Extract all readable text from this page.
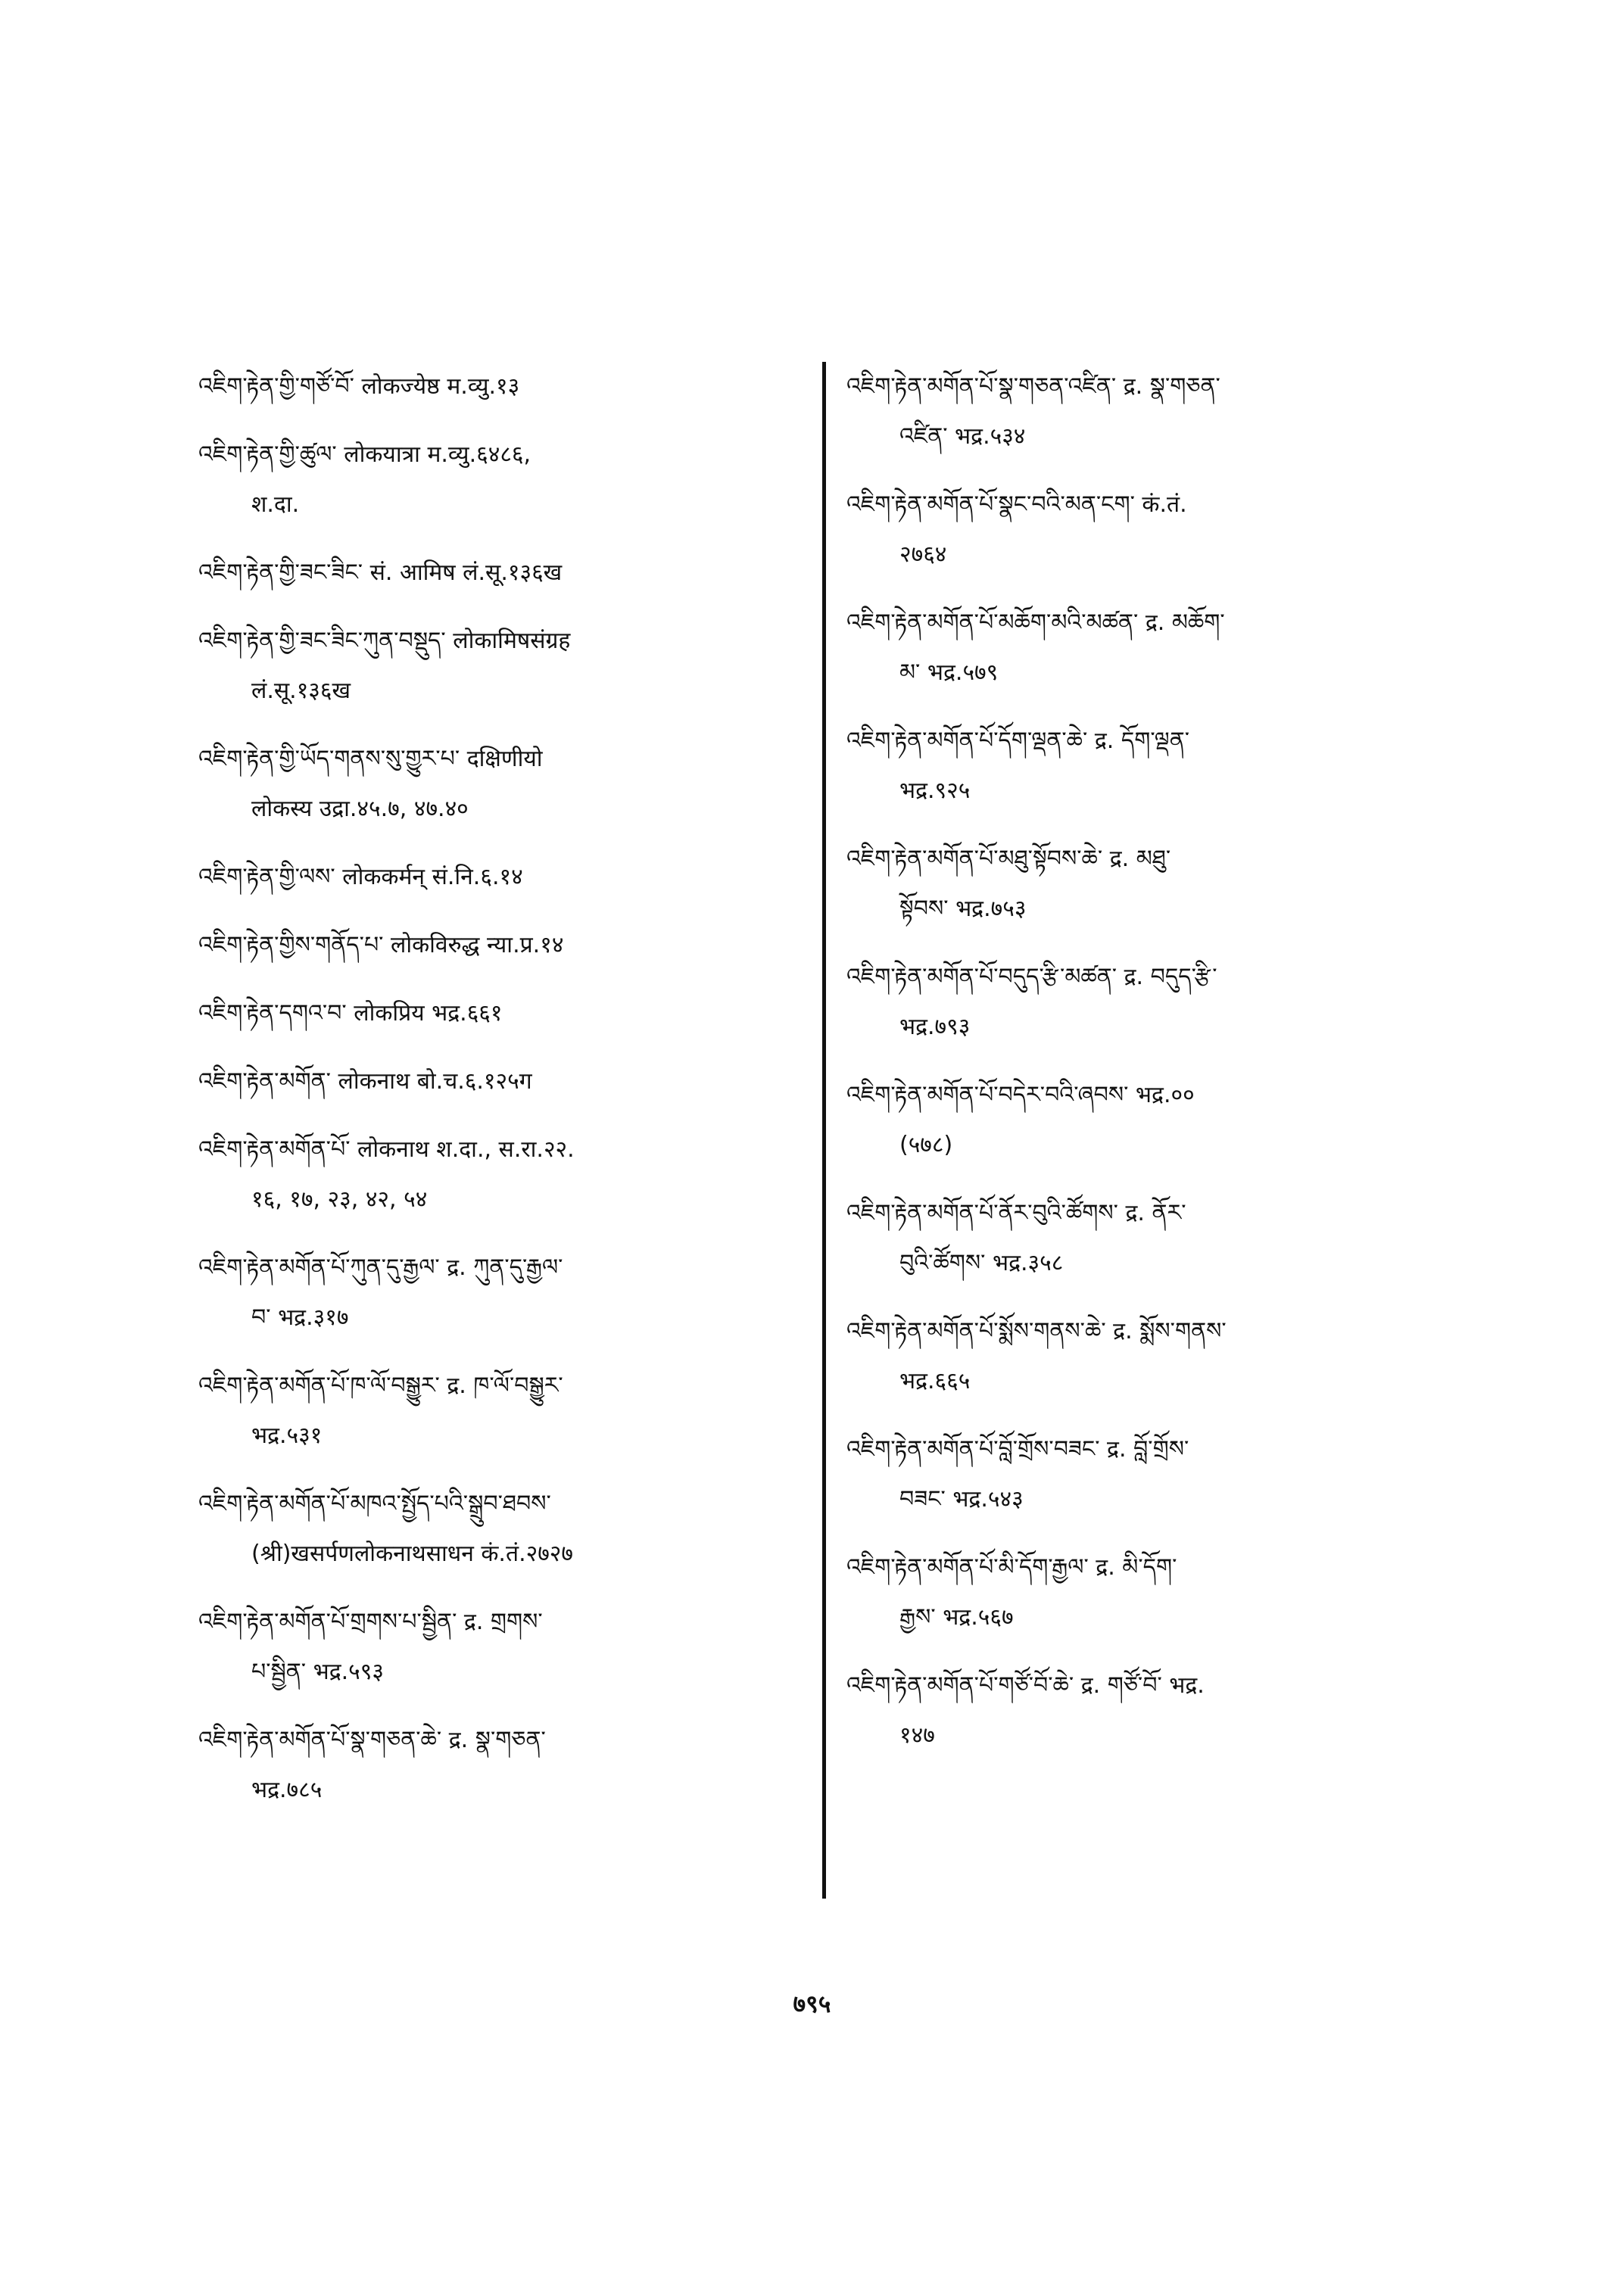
འཇིག་རྟེན་གྱི་གཙོ་བོ་ लोकज्येष्ठ म.व्यु.१३
འཇིག་རྟེན་གྱི་ཚུལ་ लोकयात्रा म.व्यु.६४८६,
श.दा.
འཇིག་རྟེན་གྱི་ཟང་ཟིང་ सं. आमिष लं.सू.१३६ख
འཇིག་རྟེན་གྱི་ཟང་ཟིང་ཀུན་བསྡུད་ लोकामिषसंग्रह
लं.सू.१३६ख
འཇིག་རྟེན་གྱི་ཡོད་གནས་སུ་གྱུར་པ་ दक्षिणीयो
लोकस्य उद्रा.४५.७, ४७.४०
འཇིག་རྟེན་གྱི་ལས་ लोककर्मन् सं.नि.६.१४
འཇིག་རྟེན་གྱིས་གནོད་པ་ लोकविरुद्ध न्या.प्र.१४
འཇིག་རྟེན་དགའ་བ་ लोकप्रिय भद्र.६६१
འཇིག་རྟེན་མགོན་ लोकनाथ बो.च.६.१२५ग
འཇིག་རྟེན་མགོན་པོ་ लोकनाथ श.दा., स.रा.२२.
१६, १७, २३, ४२, ५४
འཇིག་རྟེན་མགོན་པོ་ཀུན་དུ་རྒྱལ་ द्र. ཀུན་དུ་རྒྱལ་
བ་ भद्र.३१७
འཇིག་རྟེན་མགོན་པོ་ཁ་ལོ་བསྒྱུར་ द्र. ཁ་ལོ་བསྒྱུར་
भद्र.५३१
འཇིག་རྟེན་མགོན་པོ་མཁའ་སྤྱོད་པའི་སྒྲུབ་ཐབས་
(श्री)खसर्पणलोकनाथसाधन कं.तं.२७२७
འཇིག་རྟེན་མགོན་པོ་གྲགས་པ་སྦྱིན་ द्र. གྲགས་
པ་སྦྱིན་ भद्र.५९३
འཇིག་རྟེན་མགོན་པོ་སྣ་གཅན་ཆེ་ द्र. སྣ་གཅན་
भद्र.७८५
འཇིག་རྟེན་མགོན་པོ་སྣ་གཅན་འཛིན་ द्र. སྣ་གཅན་
འཛིན་ भद्र.५३४
འཇིག་རྟེན་མགོན་པོ་སྣང་བའི་མན་ངག་ कं.तं.
२७६४
འཇིག་རྟེན་མགོན་པོ་མཆོག་མའི་མཚན་ द्र. མཆོག་
མ་ भद्र.५७९
འཇིག་རྟེན་མགོན་པོ་དོག་ལྡན་ཆེ་ द्र. དོག་ལྡན་
भद्र.९२५
འཇིག་རྟེན་མགོན་པོ་མཐུ་སྟོབས་ཆེ་ द्र. མཐུ་
སྟོབས་ भद्र.७५३
འཇིག་རྟེན་མགོན་པོ་བདུད་རྩི་མཚན་ द्र. བདུད་རྩི་
भद्र.७९३
འཇིག་རྟེན་མགོན་པོ་བདེར་བའི་ཞབས་ भद्र.००
(५७८)
འཇིག་རྟེན་མགོན་པོ་ནོར་བུའི་ཚོགས་ द्र. ནོར་
བུའི་ཚོགས་ भद्र.३५८
འཇིག་རྟེན་མགོན་པོ་སྨོས་གནས་ཆེ་ द्र. སྨོས་གནས་
भद्र.६६५
འཇིག་རྟེན་མགོན་པོ་བློ་གྲོས་བཟང་ द्र. བློ་གྲོས་
བཟང་ भद्र.५४३
འཇིག་རྟེན་མགོན་པོ་མི་དོག་རྒྱལ་ द्र. མི་དོག་
རྒྱས་ भद्र.५६७
འཇིག་རྟེན་མགོན་པོ་གཙོ་བོ་ཆེ་ द्र. གཙོ་བོ་ भद्र.
१४७
७९५
